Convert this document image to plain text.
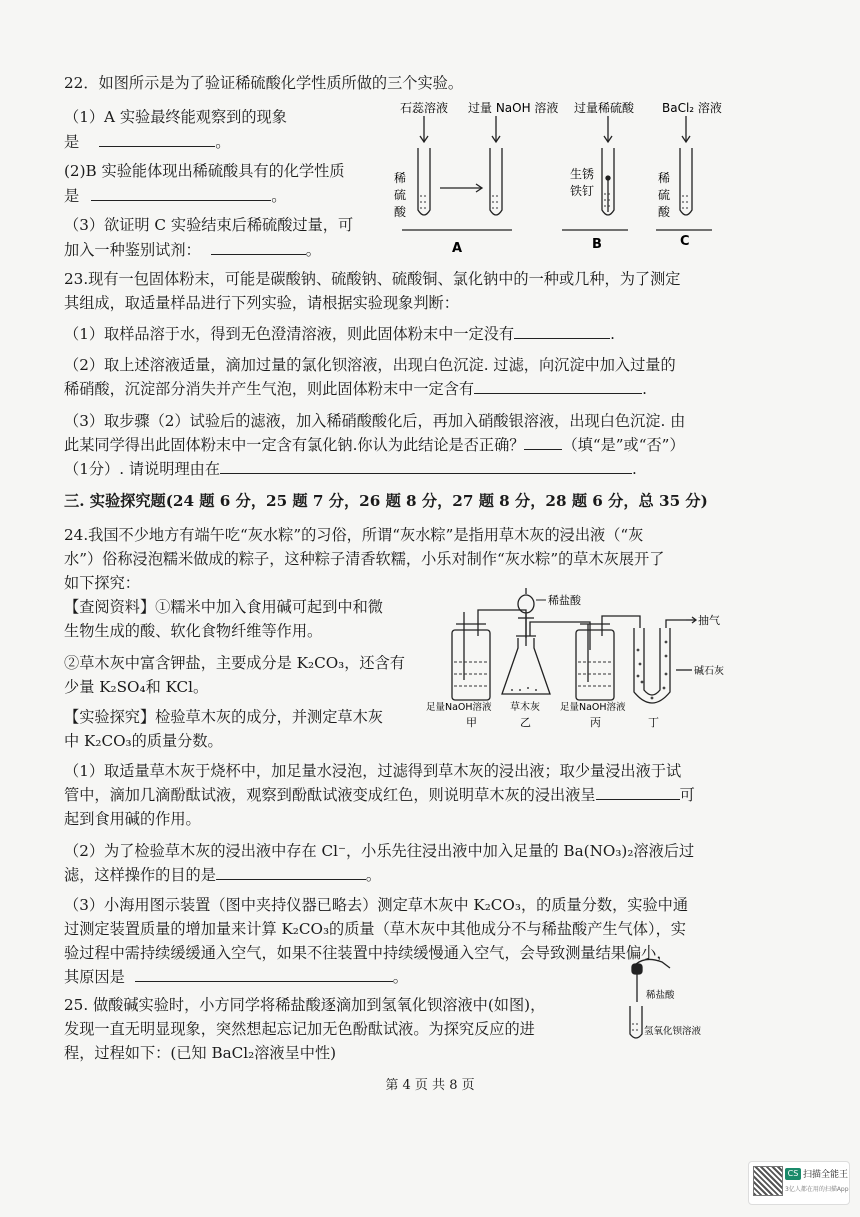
22．如图所示是为了验证稀硫酸化学性质所做的三个实验。
（1）A 实验最终能观察到的现象
是	。
(2)B 实验能体现出稀硫酸具有的化学性质
是	。
（3）欲证明 C 实验结束后稀硫酸过量，可
加入一种鉴别试剂：	。
石蕊溶液 过量 NaOH 溶液 过量稀硫酸 BaCl₂ 溶液
稀
硫
酸
生锈
铁钉
稀
硫
酸
A	B	C
23.现有一包固体粉末，可能是碳酸钠、硫酸钠、硫酸铜、氯化钠中的一种或几种，为了测定
其组成，取适量样品进行下列实验，请根据实验现象判断：
（1）取样品溶于水，得到无色澄清溶液，则此固体粉末中一定没有	.
（2）取上述溶液适量，滴加过量的氯化钡溶液，出现白色沉淀. 过滤，向沉淀中加入过量的
稀硝酸，沉淀部分消失并产生气泡，则此固体粉末中一定含有	.
（3）取步骤（2）试验后的滤液，加入稀硝酸酸化后，再加入硝酸银溶液，出现白色沉淀. 由
此某同学得出此固体粉末中一定含有氯化钠.你认为此结论是否正确？	（填“是”或“否”）
（1分）. 请说明理由在	.
三. 实验探究题(24 题 6 分，25 题 7 分，26 题 8 分，27 题 8 分，28 题 6 分，总 35 分)
24.我国不少地方有端午吃“灰水粽”的习俗，所谓“灰水粽”是指用草木灰的浸出液（“灰
水”）俗称浸泡糯米做成的粽子，这种粽子清香软糯，小乐对制作“灰水粽”的草木灰展开了
如下探究：
【查阅资料】①糯米中加入食用碱可起到中和微
生物生成的酸、软化食物纤维等作用。
②草木灰中富含钾盐，主要成分是 K₂CO₃，还含有
少量 K₂SO₄和 KCl。
【实验探究】检验草木灰的成分，并测定草木灰
中 K₂CO₃的质量分数。
稀盐酸
抽气
碱石灰
足量NaOH溶液 草木灰 足量NaOH溶液
甲	乙	丙	丁
（1）取适量草木灰于烧杯中，加足量水浸泡，过滤得到草木灰的浸出液；取少量浸出液于试
管中，滴加几滴酚酞试液，观察到酚酞试液变成红色，则说明草木灰的浸出液呈	可
起到食用碱的作用。
（2）为了检验草木灰的浸出液中存在 Cl⁻，小乐先往浸出液中加入足量的 Ba(NO₃)₂溶液后过
滤，这样操作的目的是	。
（3）小海用图示装置（图中夹持仪器已略去）测定草木灰中 K₂CO₃，的质量分数，实验中通
过测定装置质量的增加量来计算 K₂CO₃的质量（草木灰中其他成分不与稀盐酸产生气体），实
验过程中需持续缓缓通入空气，如果不往装置中持续缓慢通入空气，会导致测量结果偏小，
其原因是	。
25. 做酸碱实验时，小方同学将稀盐酸逐滴加到氢氧化钡溶液中(如图)，
发现一直无明显现象，突然想起忘记加无色酚酞试液。为探究反应的进
程，过程如下：(已知 BaCl₂溶液呈中性)
稀盐酸
氢氧化钡溶液
第 4 页 共 8 页
CS 扫描全能王
3亿人都在用的扫描App
